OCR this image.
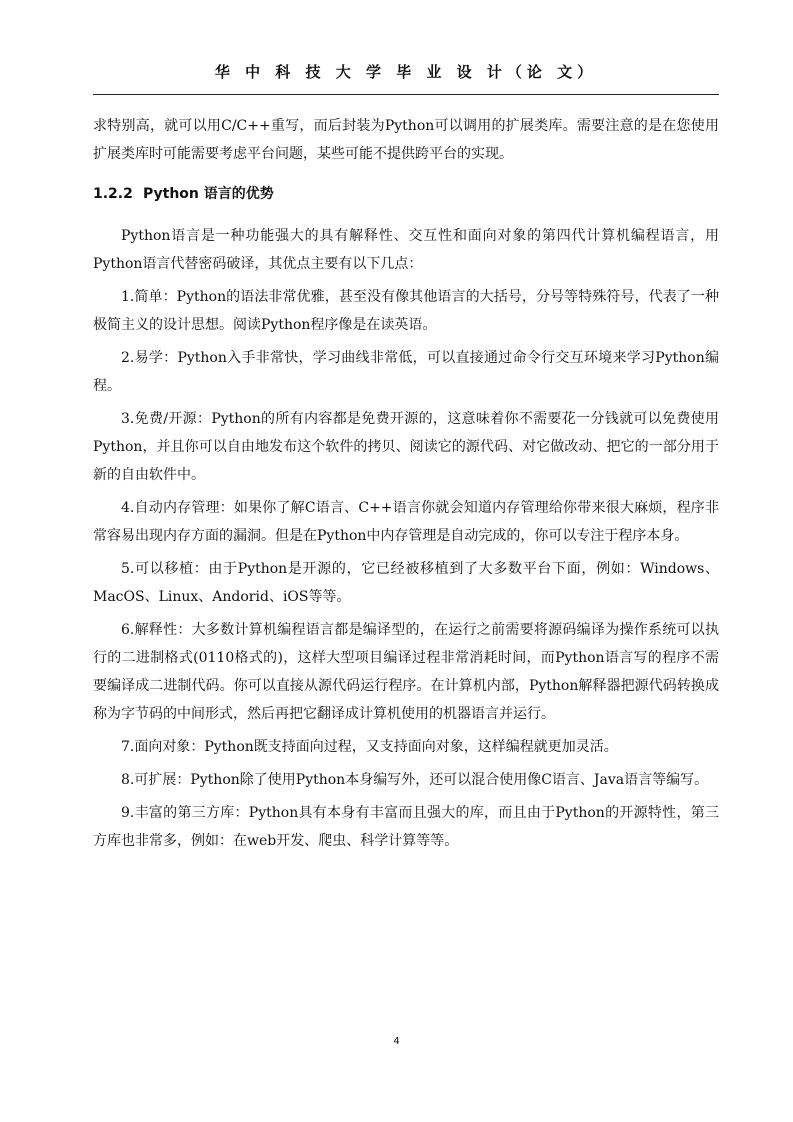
华 中 科 技 大 学 毕 业 设 计（论 文）

求特别高，就可以用C/C++重写，而后封装为Python可以调用的扩展类库。需要注意的是在您使用扩展类库时可能需要考虑平台问题，某些可能不提供跨平台的实现。

1.2.2 Python 语言的优势

Python语言是一种功能强大的具有解释性、交互性和面向对象的第四代计算机编程语言，用Python语言代替密码破译，其优点主要有以下几点：

1.简单：Python的语法非常优雅，甚至没有像其他语言的大括号，分号等特殊符号，代表了一种极简主义的设计思想。阅读Python程序像是在读英语。

2.易学：Python入手非常快，学习曲线非常低，可以直接通过命令行交互环境来学习Python编程。

3.免费/开源：Python的所有内容都是免费开源的，这意味着你不需要花一分钱就可以免费使用Python，并且你可以自由地发布这个软件的拷贝、阅读它的源代码、对它做改动、把它的一部分用于新的自由软件中。

4.自动内存管理：如果你了解C语言、C++语言你就会知道内存管理给你带来很大麻烦，程序非常容易出现内存方面的漏洞。但是在Python中内存管理是自动完成的，你可以专注于程序本身。

5.可以移植：由于Python是开源的，它已经被移植到了大多数平台下面，例如：Windows、MacOS、Linux、Andorid、iOS等等。

6.解释性：大多数计算机编程语言都是编译型的，在运行之前需要将源码编译为操作系统可以执行的二进制格式(0110格式的)，这样大型项目编译过程非常消耗时间，而Python语言写的程序不需要编译成二进制代码。你可以直接从源代码运行程序。在计算机内部，Python解释器把源代码转换成称为字节码的中间形式，然后再把它翻译成计算机使用的机器语言并运行。

7.面向对象：Python既支持面向过程，又支持面向对象，这样编程就更加灵活。

8.可扩展：Python除了使用Python本身编写外，还可以混合使用像C语言、Java语言等编写。

9.丰富的第三方库：Python具有本身有丰富而且强大的库，而且由于Python的开源特性，第三方库也非常多，例如：在web开发、爬虫、科学计算等等。

4
